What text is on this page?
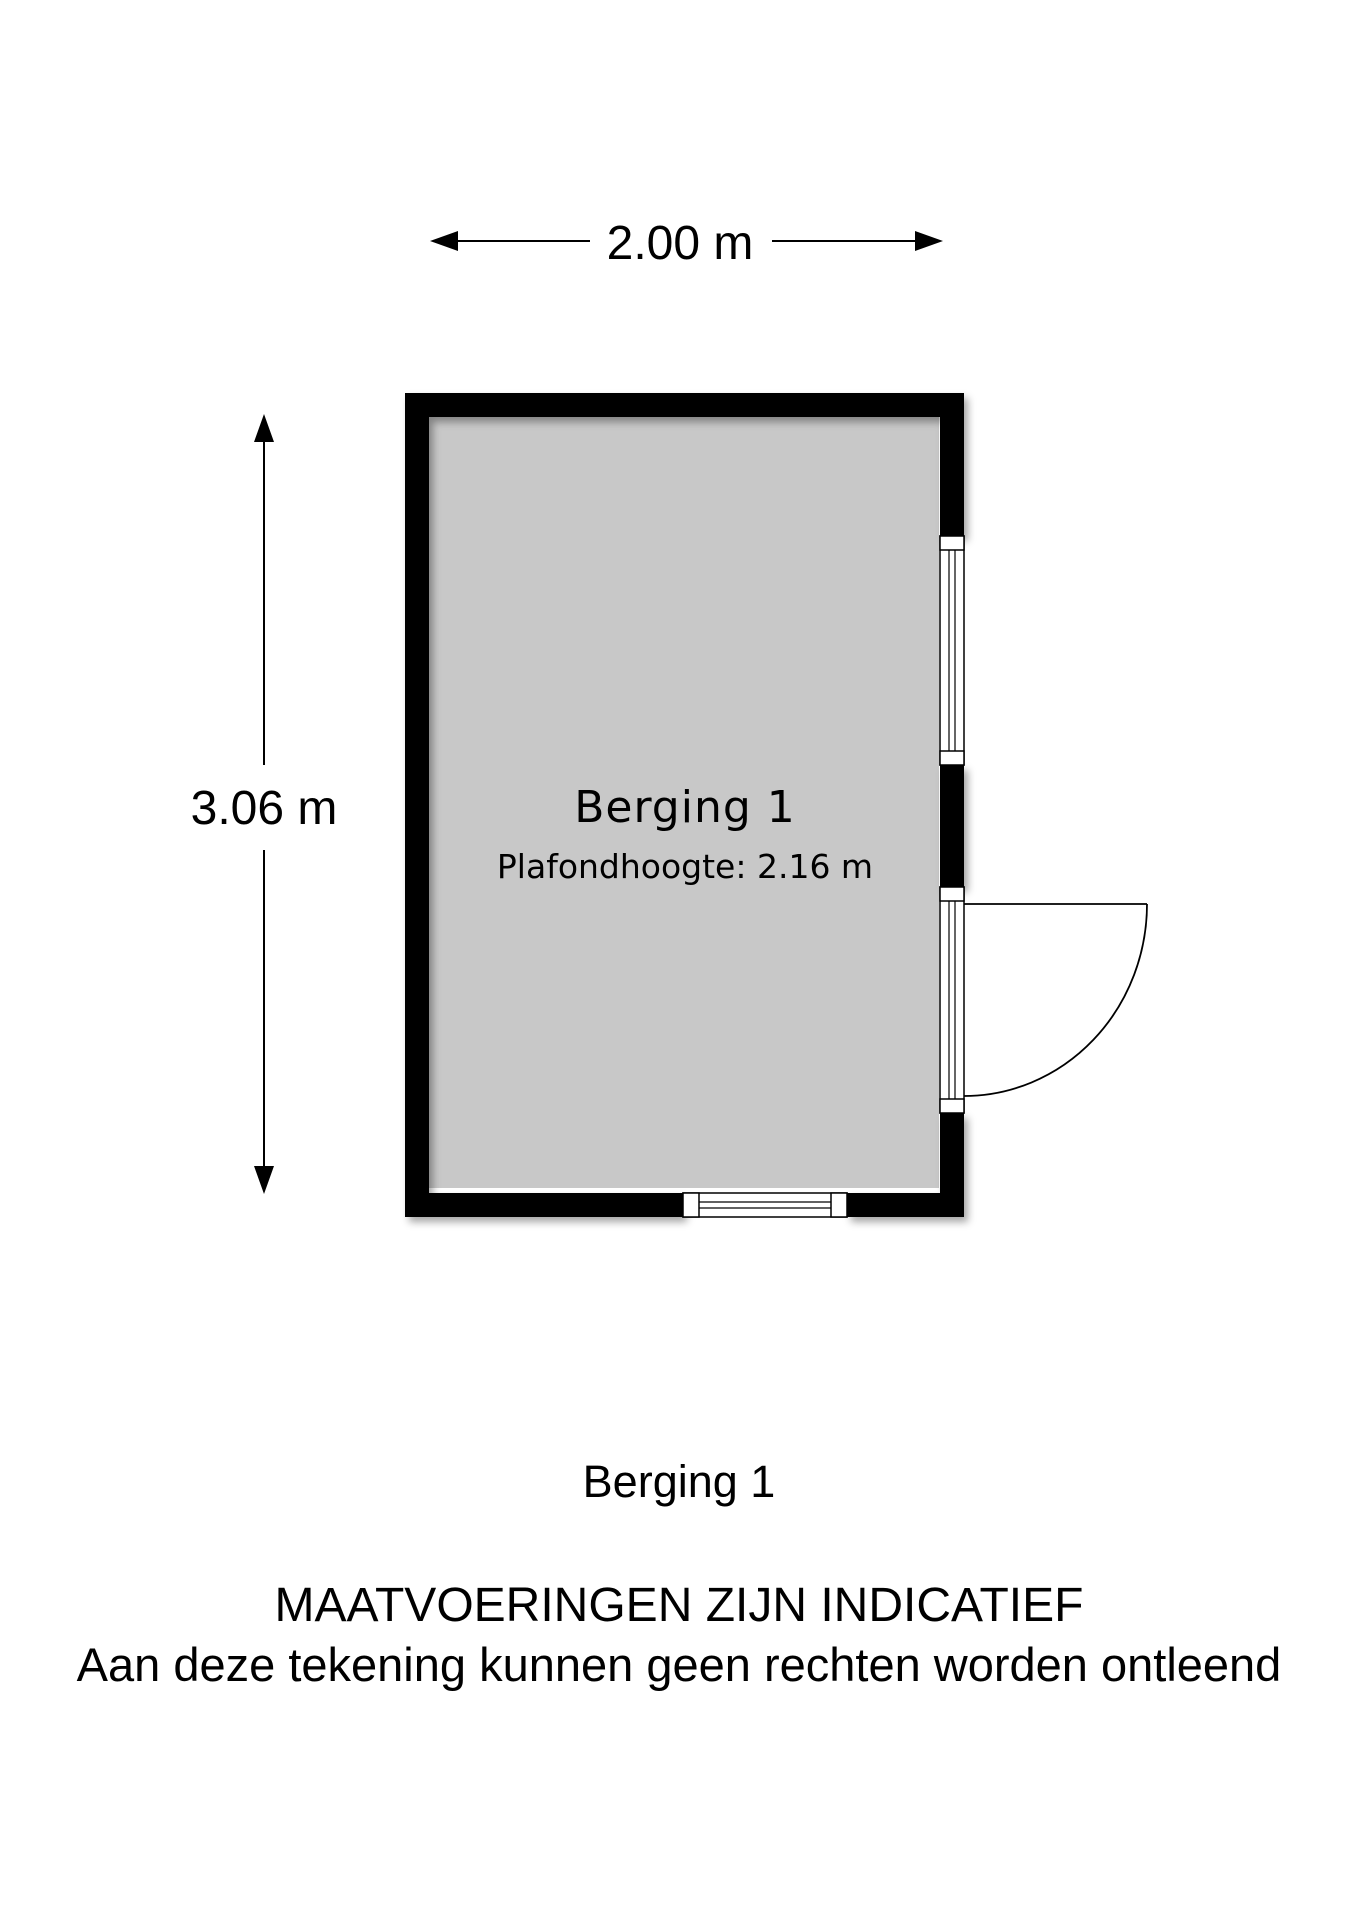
2.00 m
3.06 m	Berging 1
Plafondhoogte: 2.16 m
Berging 1
MAATVOERINGEN ZIJN INDICATIEF
Aan deze tekening kunnen geen rechten worden ontleend
